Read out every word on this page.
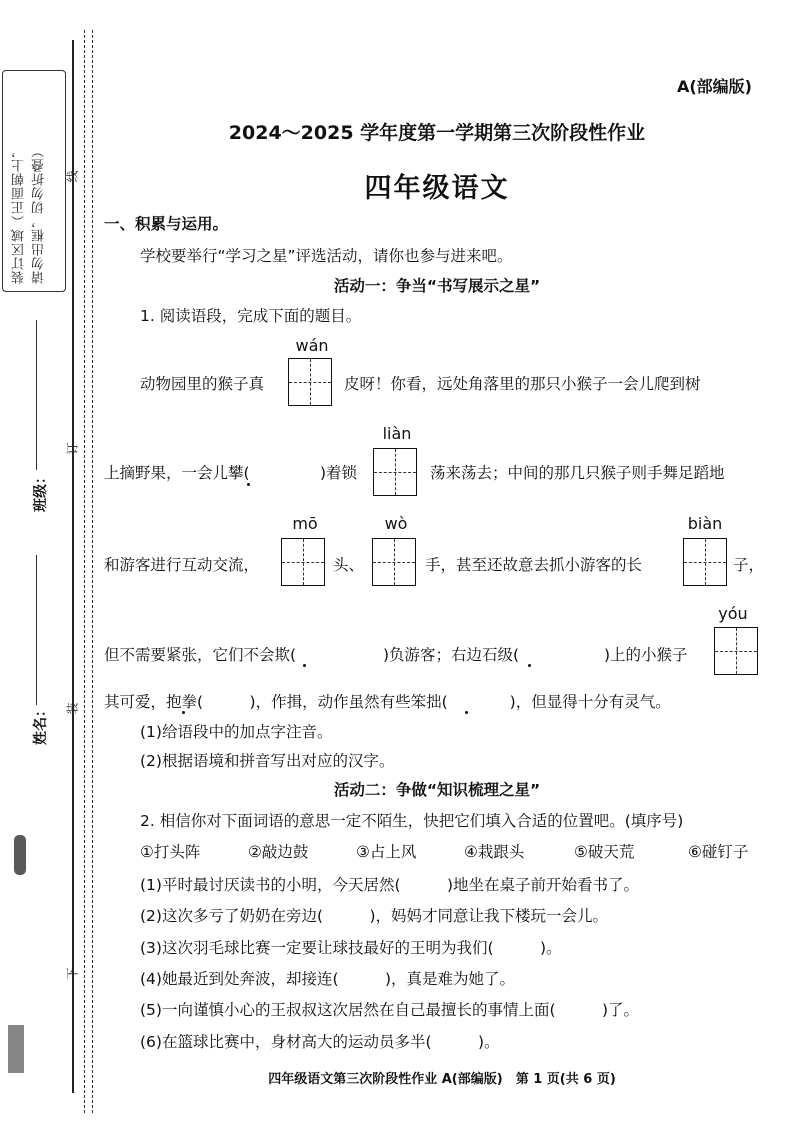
装订区域（正面朝上， 请勿出框，切勿折叠） 线
订
装
下
班级：
姓名：
A(部编版)
2024～2025 学年度第一学期第三次阶段性作业
四年级语文
一、积累与运用。
学校要举行“学习之星”评选活动，请你也参与进来吧。
活动一：争当“书写展示之星”
1. 阅读语段，完成下面的题目。
wán
动物园里的猴子真	皮呀！你看，远处角落里的那只小猴子一会儿爬到树
liàn
上摘野果，一会儿攀(	)着锁	荡来荡去；中间的那几只猴子则手舞足蹈地
mō	wò	biàn
和游客进行互动交流，	头、	手，甚至还故意去抓小游客的长	子，
yóu
但不需要紧张，它们不会欺(	)负游客；右边石级(	)上的小猴子
其可爱，抱拳(　　　)，作揖，动作虽然有些笨拙(　　　　)，但显得十分有灵气。
(1)给语段中的加点字注音。
(2)根据语境和拼音写出对应的汉字。
活动二：争做“知识梳理之星”
2. 相信你对下面词语的意思一定不陌生，快把它们填入合适的位置吧。(填序号)
①打头阵	②敲边鼓	③占上风	④栽跟头	⑤破天荒	⑥碰钉子
(1)平时最讨厌读书的小明，今天居然(　　　)地坐在桌子前开始看书了。
(2)这次多亏了奶奶在旁边(　　　)，妈妈才同意让我下楼玩一会儿。
(3)这次羽毛球比赛一定要让球技最好的王明为我们(　　　)。
(4)她最近到处奔波，却接连(　　　)，真是难为她了。
(5)一向谨慎小心的王叔叔这次居然在自己最擅长的事情上面(　　　)了。
(6)在篮球比赛中，身材高大的运动员多半(　　　)。
四年级语文第三次阶段性作业 A(部编版)　第 1 页(共 6 页)
